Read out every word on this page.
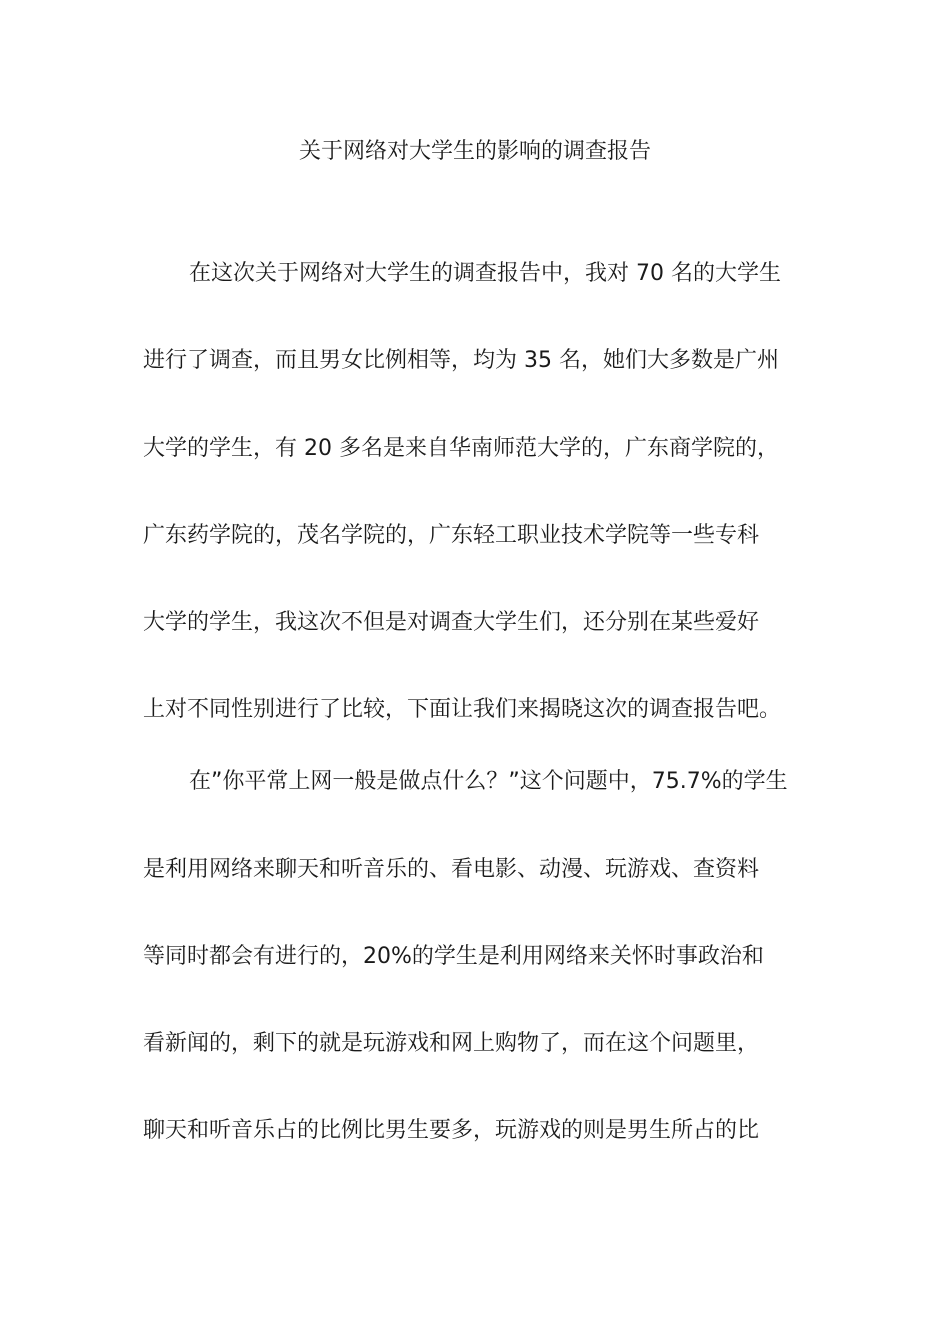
关于网络对大学生的影响的调查报告
在这次关于网络对大学生的调查报告中，我对 70 名的大学生
进行了调查，而且男女比例相等，均为 35 名，她们大多数是广州
大学的学生，有 20 多名是来自华南师范大学的，广东商学院的，
广东药学院的，茂名学院的，广东轻工职业技术学院等一些专科
大学的学生，我这次不但是对调查大学生们，还分别在某些爱好
上对不同性别进行了比较，下面让我们来揭晓这次的调查报告吧。
在”你平常上网一般是做点什么？”这个问题中，75.7%的学生
是利用网络来聊天和听音乐的、看电影、动漫、玩游戏、查资料
等同时都会有进行的，20%的学生是利用网络来关怀时事政治和
看新闻的，剩下的就是玩游戏和网上购物了，而在这个问题里，
聊天和听音乐占的比例比男生要多，玩游戏的则是男生所占的比
